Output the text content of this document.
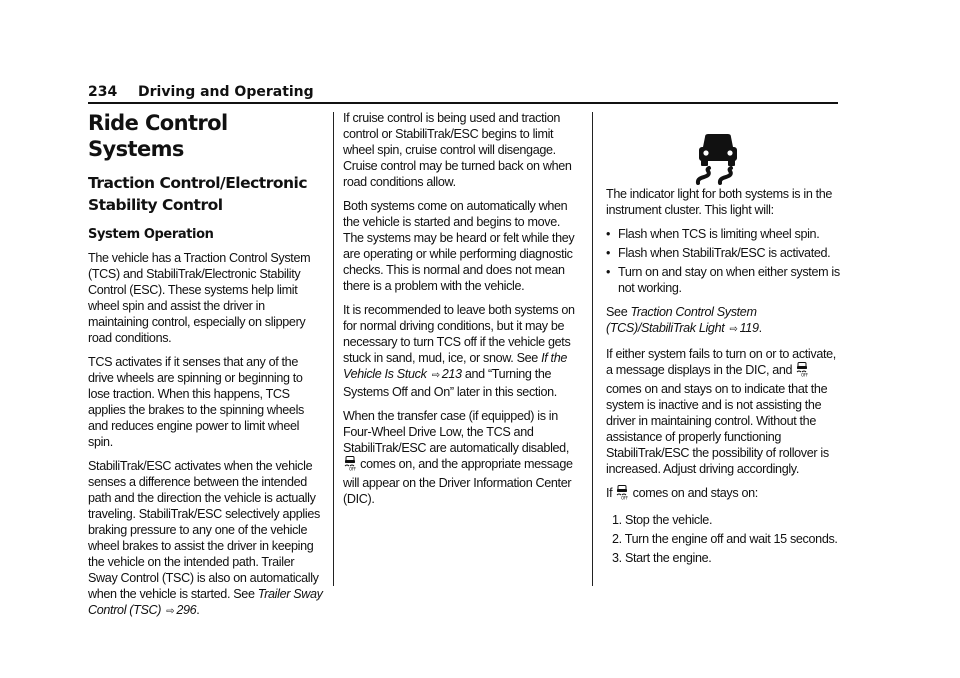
234 Driving and Operating
Ride Control Systems
Traction Control/Electronic
Stability Control
System Operation

The vehicle has a Traction Control System (TCS) and StabiliTrak/Electronic Stability Control (ESC). These systems help limit wheel spin and assist the driver in maintaining control, especially on slippery road conditions.

TCS activates if it senses that any of the drive wheels are spinning or beginning to lose traction. When this happens, TCS applies the brakes to the spinning wheels and reduces engine power to limit wheel spin.

StabiliTrak/ESC activates when the vehicle senses a difference between the intended path and the direction the vehicle is actually traveling. StabiliTrak/ESC selectively applies braking pressure to any one of the vehicle wheel brakes to assist the driver in keeping the vehicle on the intended path. Trailer Sway Control (TSC) is also on automatically when the vehicle is started. See Trailer Sway Control (TSC) ⇨ 296.

If cruise control is being used and traction control or StabiliTrak/ESC begins to limit wheel spin, cruise control will disengage. Cruise control may be turned back on when road conditions allow.

Both systems come on automatically when the vehicle is started and begins to move. The systems may be heard or felt while they are operating or while performing diagnostic checks. This is normal and does not mean there is a problem with the vehicle.

It is recommended to leave both systems on for normal driving conditions, but it may be necessary to turn TCS off if the vehicle gets stuck in sand, mud, ice, or snow. See If the Vehicle Is Stuck ⇨ 213 and “Turning the Systems Off and On” later in this section.

When the transfer case (if equipped) is in Four-Wheel Drive Low, the TCS and StabiliTrak/ESC are automatically disabled,
OFF comes on, and the appropriate message will appear on the Driver Information Center (DIC).

The indicator light for both systems is in the instrument cluster. This light will:

• Flash when TCS is limiting wheel spin.
• Flash when StabiliTrak/ESC is activated.
• Turn on and stay on when either system is not working.

See Traction Control System (TCS)/StabiliTrak Light ⇨ 119.

If either system fails to turn on or to activate, a message displays in the DIC, and OFF
comes on and stays on to indicate that the system is inactive and is not assisting the driver in maintaining control. Without the assistance of properly functioning StabiliTrak/ESC the possibility of rollover is increased. Adjust driving accordingly.

If OFF comes on and stays on:

1. Stop the vehicle.
2. Turn the engine off and wait 15 seconds.
3. Start the engine.
